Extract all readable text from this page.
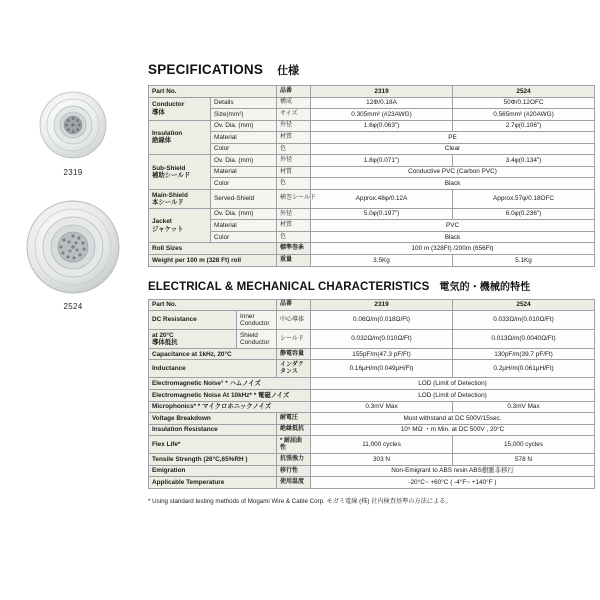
2319
2524
SPECIFICATIONS 仕様
Part No.		品番	2319	2524

Conductor
導体	Details	構成	12Φ/0.18A	50Φ/0.12OFC
	Size(mm²)	サイズ	0.305mm² (#23AWG)	0.565mm² (#20AWG)

Insulation
絶縁体	Ov. Dia. (mm)	外径	1.6φ(0.063")	2.7φ(0.106")
	Material	材質	PE	
	Color	色	Clear	

Sub-Shield
補助シールド	Ov. Dia. (mm)	外径	1.8φ(0.071")	3.4φ(0.134")
	Material	材質	Conductive PVC (Carbon PVC)	
	Color	色	Black	

Main-Shield
本シールド	Served-Shield	横巻シールド	Approx.48φ/0.12A	Approx.57φ/0.18OFC

Jacket
ジャケット	Ov. Dia. (mm)	外径	5.0φ(0.197")	6.0φ(0.236")
	Material	材質	PVC	
	Color	色	Black	
Roll Sizes		標準巻条	100 m (328Ft) /200m (656Ft)	
Weight per 100 m (328 Ft) roll		重量	3.5Kg	5.1Kg
ELECTRICAL & MECHANICAL CHARACTERISTICS 電気的・機械的特性
Part No.		品番	2319	2524
DC Resistance	Inner Conductor	中心導体	0.06Ω/m(0.018Ω/Ft)	0.033Ω/m(0.010Ω/Ft)

at 20°C
導体抵抗	Shield Conductor	シールド	0.032Ω/m(0.010Ω/Ft)	0.013Ω/m(0.0040Ω/Ft)
Capacitance at 1kHz, 20°C		静電容量	155pF/m(47.3 pF/Ft)	130pF/m(39.7 pF/Ft)
Inductance		インダクタンス	0.16μH/m(0.049μH/Ft)	0.2μH/m(0.061μH/Ft)
Electromagnetic Noise° * ハムノイズ			LOD (Limit of Detection)	
Electromagnetic Noise At 10kHz* * 電磁ノイズ			LOD (Limit of Detection)	
Microphonics* * マイクロホニックノイズ			0.3mV Max	0.3mV Max
Voltage Breakdown		耐電圧	Must withstand at DC 500V/15sec.	
Insulation Resistance		絶縁抵抗	10⁵ MΩ ・m Min. at DC 500V , 20°C	
Flex Life*		* 耐屈曲性	11,000 cycles	15,000 cycles
Tensile Strength (26°C,65%RH )		抗張強力	303 N	578 N
Emigration		移行性	Non-Emigrant to ABS resin ABS樹脈非移行	
Applicable Temperature		使用温度	-20°C~ +60°C ( -4°F~ +140°F )	
* Using standard testing methods of Mogami Wire & Cable Corp. モガミ電線 (株) 社内検査基準の方法による。
